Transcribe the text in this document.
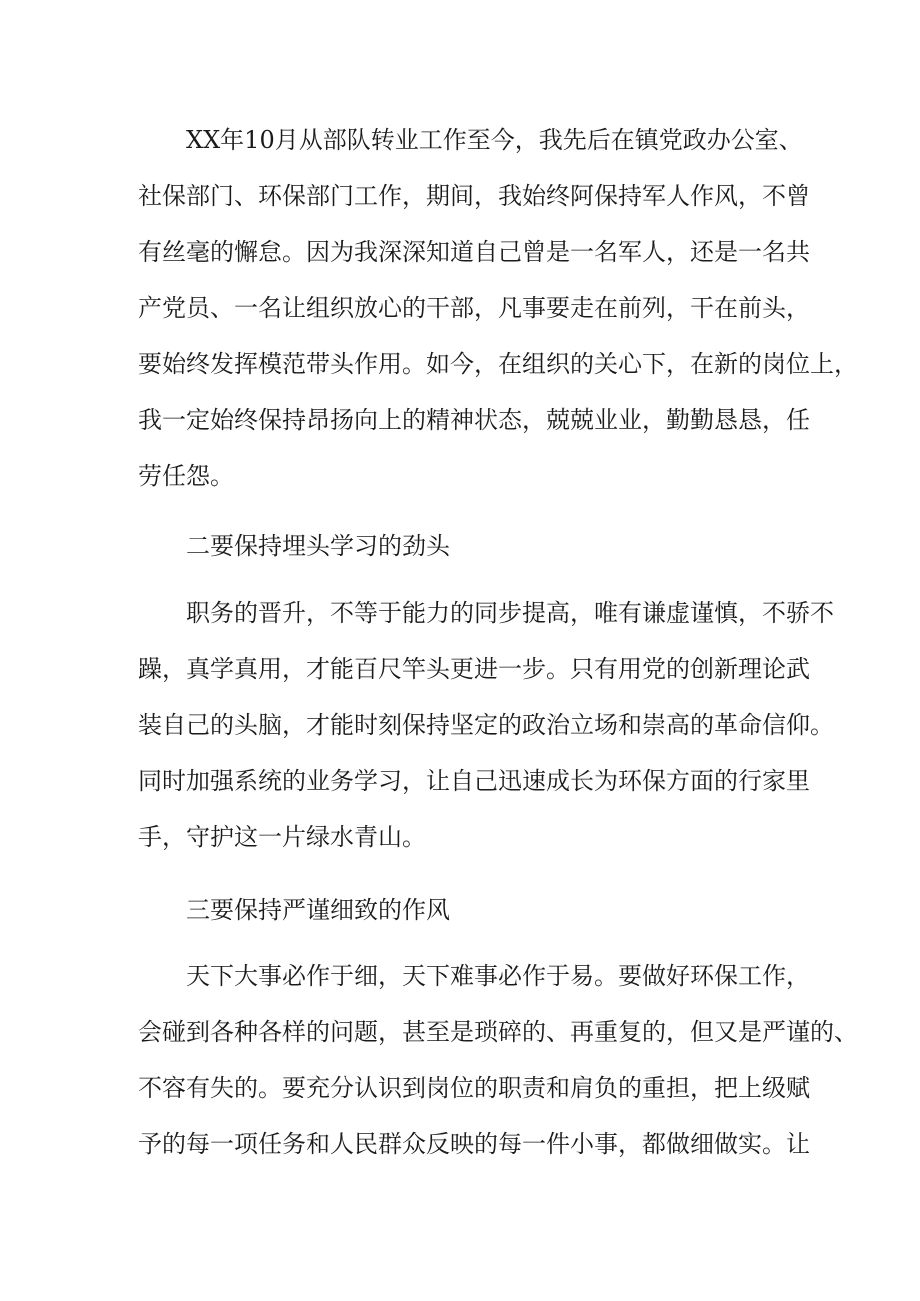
XX年10月从部队转业工作至今，我先后在镇党政办公室、
社保部门、环保部门工作，期间，我始终阿保持军人作风，不曾
有丝毫的懈怠。因为我深深知道自己曾是一名军人，还是一名共
产党员、一名让组织放心的干部，凡事要走在前列，干在前头，
要始终发挥模范带头作用。如今，在组织的关心下，在新的岗位上，
我一定始终保持昂扬向上的精神状态，兢兢业业，勤勤恳恳，任
劳任怨。
二要保持埋头学习的劲头
职务的晋升，不等于能力的同步提高，唯有谦虚谨慎，不骄不
躁，真学真用，才能百尺竿头更进一步。只有用党的创新理论武
装自己的头脑，才能时刻保持坚定的政治立场和崇高的革命信仰。
同时加强系统的业务学习，让自己迅速成长为环保方面的行家里
手，守护这一片绿水青山。
三要保持严谨细致的作风
天下大事必作于细，天下难事必作于易。要做好环保工作，
会碰到各种各样的问题，甚至是琐碎的、再重复的，但又是严谨的、
不容有失的。要充分认识到岗位的职责和肩负的重担，把上级赋
予的每一项任务和人民群众反映的每一件小事，都做细做实。让
